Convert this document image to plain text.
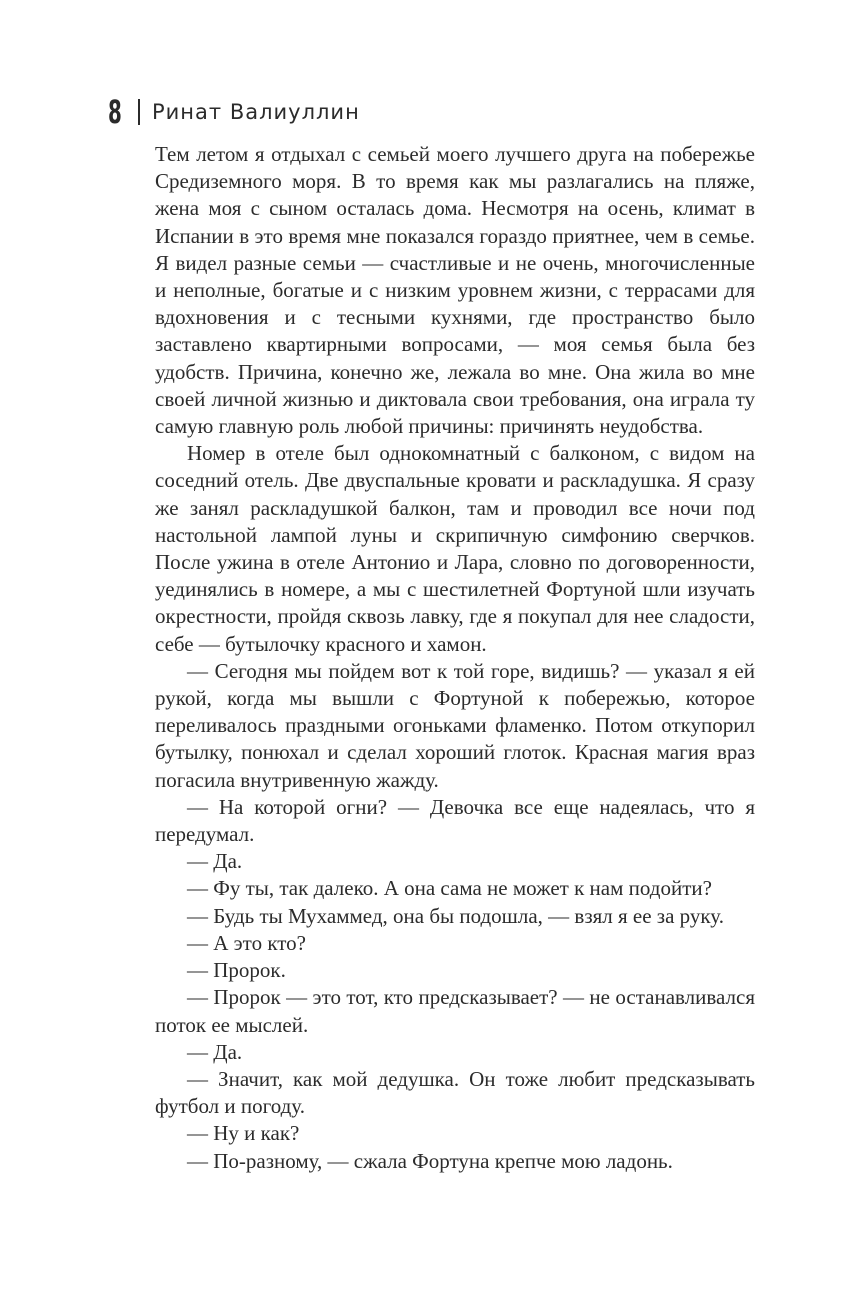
8 Ринат Валиуллин

Тем летом я отдыхал с семьей моего лучшего друга на побережье Средиземного моря. В то время как мы разлагались на пляже, жена моя с сыном осталась дома. Несмотря на осень, климат в Испании в это время мне показался гораздо приятнее, чем в семье. Я видел разные семьи — счастливые и не очень, многочисленные и неполные, богатые и с низким уровнем жизни, с террасами для вдохновения и с тесными кухнями, где пространство было заставлено квартирными вопросами, — моя семья была без удобств. Причина, конечно же, лежала во мне. Она жила во мне своей личной жизнью и диктовала свои требования, она играла ту самую главную роль любой причины: причинять неудобства.

Номер в отеле был однокомнатный с балконом, с видом на соседний отель. Две двуспальные кровати и раскладушка. Я сразу же занял раскладушкой балкон, там и проводил все ночи под настольной лампой луны и скрипичную симфонию сверчков. После ужина в отеле Антонио и Лара, словно по договоренности, уединялись в номере, а мы с шестилетней Фортуной шли изучать окрестности, пройдя сквозь лавку, где я покупал для нее сладости, себе — бутылочку красного и хамон.

— Сегодня мы пойдем вот к той горе, видишь? — указал я ей рукой, когда мы вышли с Фортуной к побережью, которое переливалось праздными огоньками фламенко. Потом откупорил бутылку, понюхал и сделал хороший глоток. Красная магия враз погасила внутривенную жажду.

— На которой огни? — Девочка все еще надеялась, что я передумал.

— Да.

— Фу ты, так далеко. А она сама не может к нам подойти?

— Будь ты Мухаммед, она бы подошла, — взял я ее за руку.

— А это кто?

— Пророк.

— Пророк — это тот, кто предсказывает? — не останавливался поток ее мыслей.

— Да.

— Значит, как мой дедушка. Он тоже любит предсказывать футбол и погоду.

— Ну и как?

— По-разному, — сжала Фортуна крепче мою ладонь.
